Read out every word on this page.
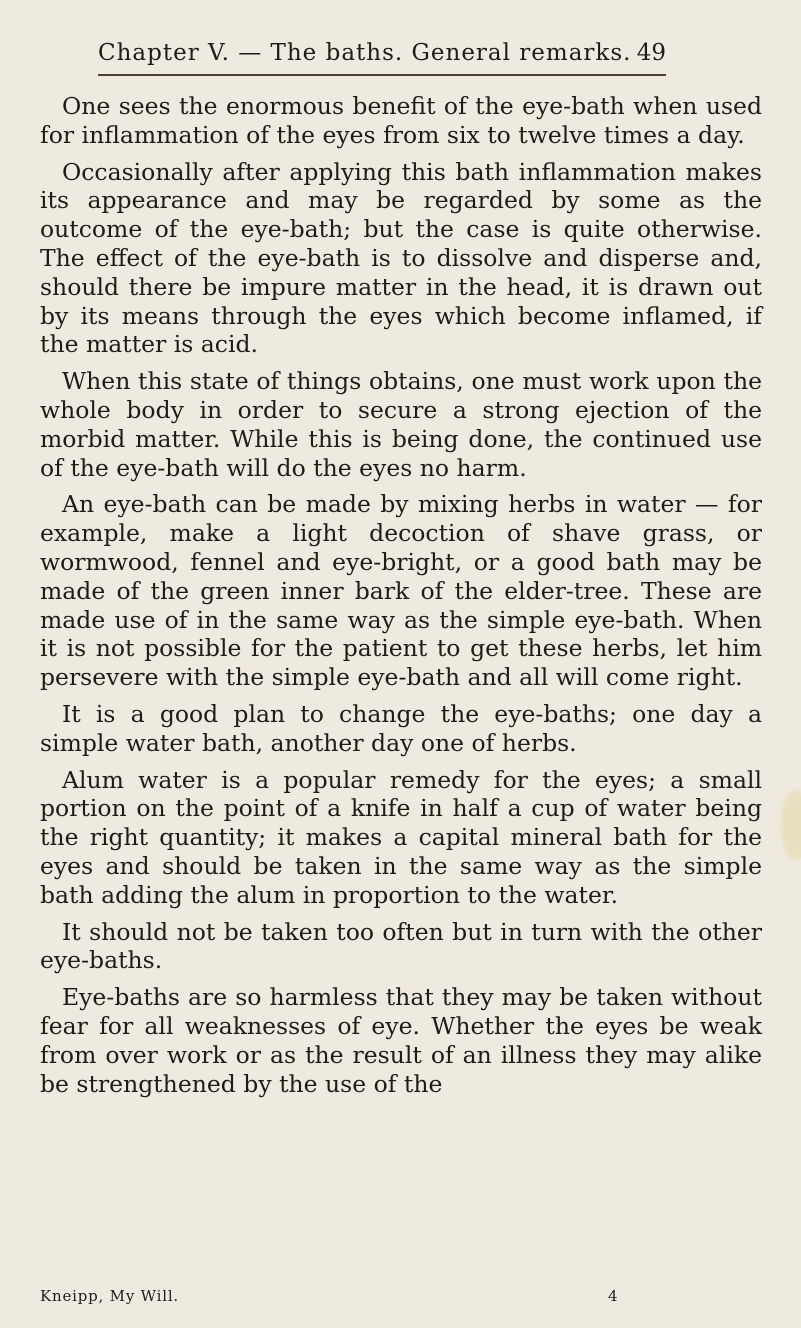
Chapter V. — The baths. General remarks. 49

One sees the enormous benefit of the eye-bath when used for inflammation of the eyes from six to twelve times a day.

Occasionally after applying this bath inflammation makes its appearance and may be regarded by some as the outcome of the eye-bath; but the case is quite otherwise. The effect of the eye-bath is to dissolve and disperse and, should there be impure matter in the head, it is drawn out by its means through the eyes which become inflamed, if the matter is acid.

When this state of things obtains, one must work upon the whole body in order to secure a strong ejection of the morbid matter. While this is being done, the continued use of the eye-bath will do the eyes no harm.

An eye-bath can be made by mixing herbs in water — for example, make a light decoction of shave grass, or wormwood, fennel and eye-bright, or a good bath may be made of the green inner bark of the elder-tree. These are made use of in the same way as the simple eye-bath. When it is not possible for the patient to get these herbs, let him persevere with the simple eye-bath and all will come right.

It is a good plan to change the eye-baths; one day a simple water bath, another day one of herbs.

Alum water is a popular remedy for the eyes; a small portion on the point of a knife in half a cup of water being the right quantity; it makes a capital mineral bath for the eyes and should be taken in the same way as the simple bath adding the alum in proportion to the water.

It should not be taken too often but in turn with the other eye-baths.

Eye-baths are so harmless that they may be taken without fear for all weaknesses of eye. Whether the eyes be weak from over work or as the result of an illness they may alike be strengthened by the use of the

Kneipp, My Will.	4
